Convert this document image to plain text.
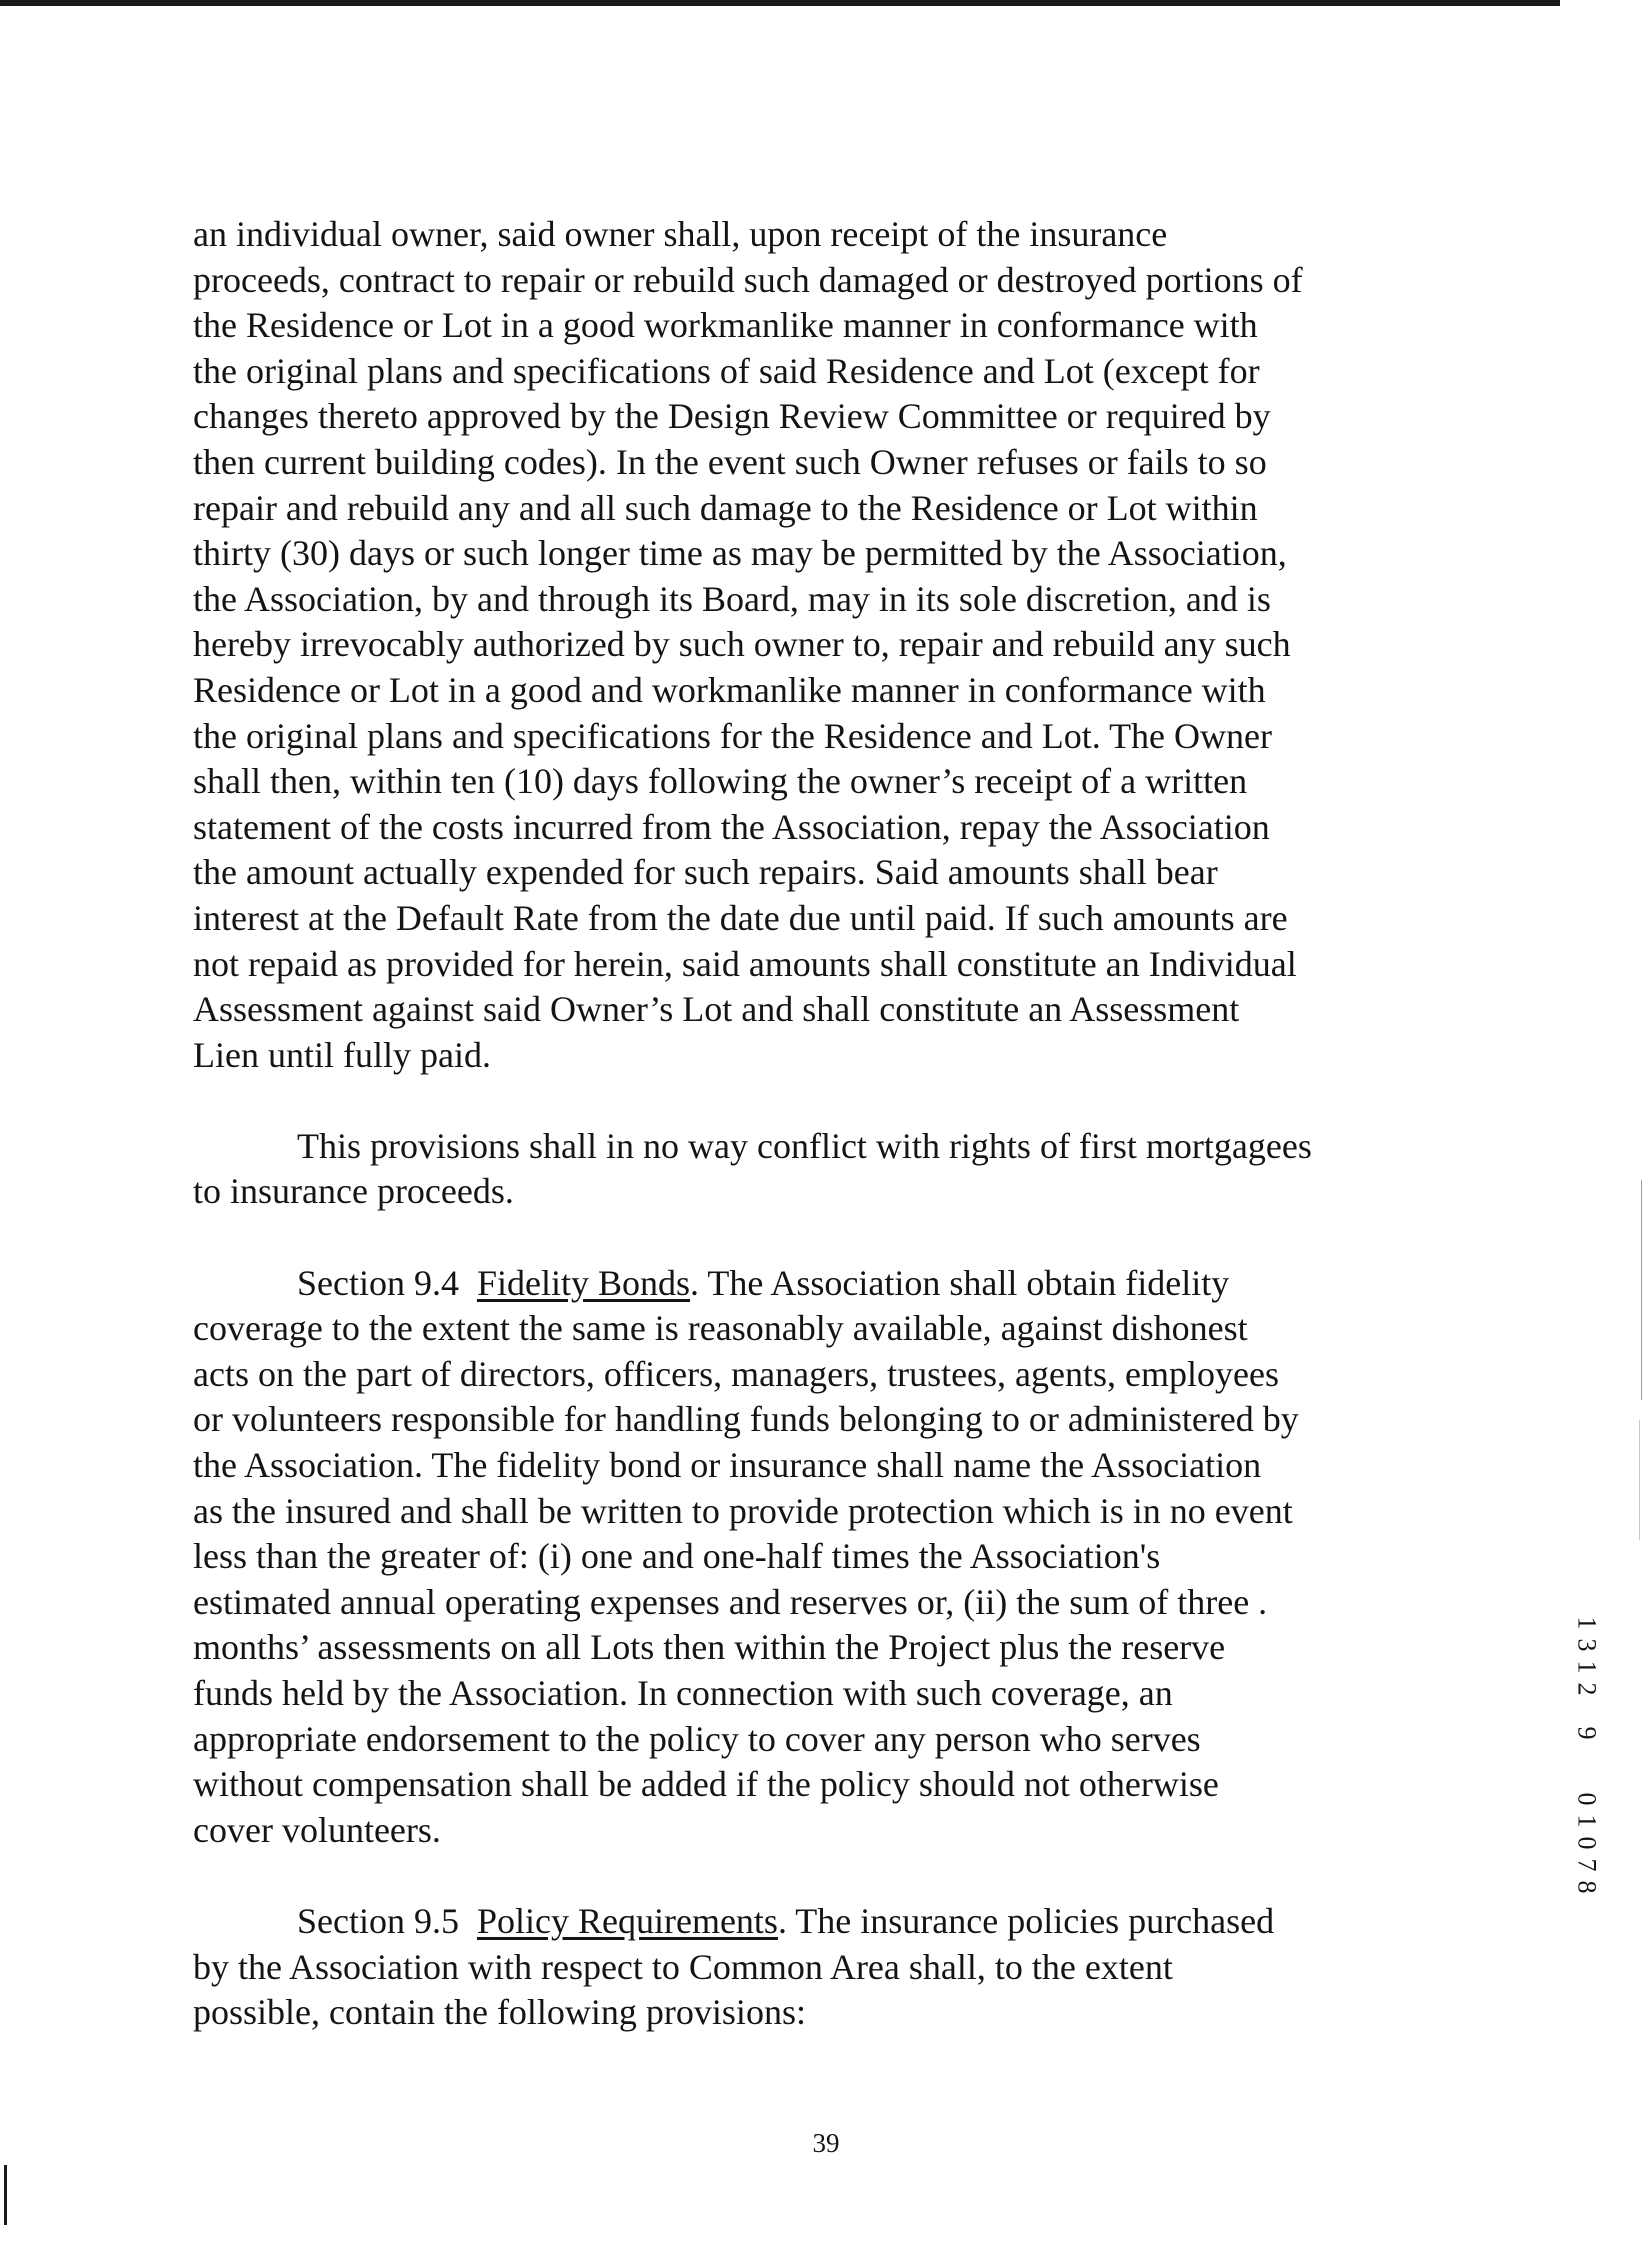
an individual owner, said owner shall, upon receipt of the insurance
proceeds, contract to repair or rebuild such damaged or destroyed portions of
the Residence or Lot in a good workmanlike manner in conformance with
the original plans and specifications of said Residence and Lot (except for
changes thereto approved by the Design Review Committee or required by
then current building codes). In the event such Owner refuses or fails to so
repair and rebuild any and all such damage to the Residence or Lot within
thirty (30) days or such longer time as may be permitted by the Association,
the Association, by and through its Board, may in its sole discretion, and is
hereby irrevocably authorized by such owner to, repair and rebuild any such
Residence or Lot in a good and workmanlike manner in conformance with
the original plans and specifications for the Residence and Lot. The Owner
shall then, within ten (10) days following the owner’s receipt of a written
statement of the costs incurred from the Association, repay the Association
the amount actually expended for such repairs. Said amounts shall bear
interest at the Default Rate from the date due until paid. If such amounts are
not repaid as provided for herein, said amounts shall constitute an Individual
Assessment against said Owner’s Lot and shall constitute an Assessment
Lien until fully paid.
This provisions shall in no way conflict with rights of first mortgagees
to insurance proceeds.
Section 9.4 Fidelity Bonds. The Association shall obtain fidelity
coverage to the extent the same is reasonably available, against dishonest
acts on the part of directors, officers, managers, trustees, agents, employees
or volunteers responsible for handling funds belonging to or administered by
the Association. The fidelity bond or insurance shall name the Association
as the insured and shall be written to provide protection which is in no event
less than the greater of: (i) one and one-half times the Association's
estimated annual operating expenses and reserves or, (ii) the sum of three .
months’ assessments on all Lots then within the Project plus the reserve
funds held by the Association. In connection with such coverage, an
appropriate endorsement to the policy to cover any person who serves
without compensation shall be added if the policy should not otherwise
cover volunteers.
Section 9.5 Policy Requirements. The insurance policies purchased
by the Association with respect to Common Area shall, to the extent
possible, contain the following provisions:
39
1
3
1
2

9

0
1
0
7
8
